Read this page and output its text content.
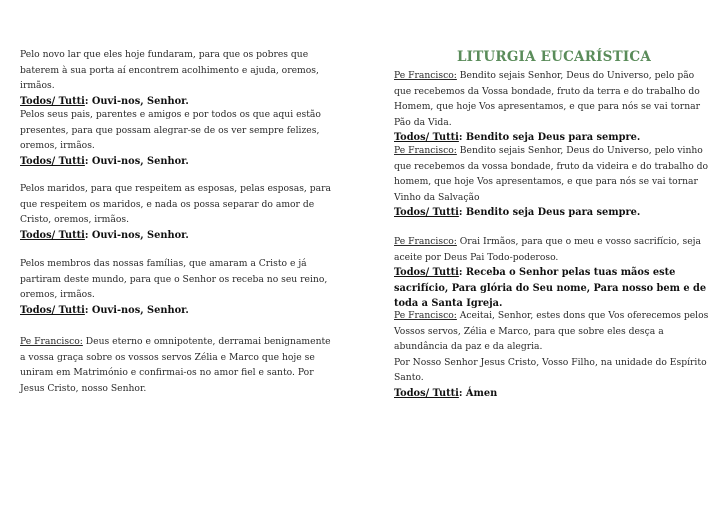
Pelo novo lar que eles hoje fundaram, para que os pobres que baterem à sua porta aí encontrem acolhimento e ajuda, oremos, irmãos.

Todos/ Tutti: Ouvi-nos, Senhor.

Pelos seus pais, parentes e amigos e por todos os que aqui estão presentes, para que possam alegrar-se de os ver sempre felizes, oremos, irmãos.

Todos/ Tutti: Ouvi-nos, Senhor.

Pelos maridos, para que respeitem as esposas, pelas esposas, para que respeitem os maridos, e nada os possa separar do amor de Cristo, oremos, irmãos.

Todos/ Tutti: Ouvi-nos, Senhor.

Pelos membros das nossas famílias, que amaram a Cristo e já partiram deste mundo, para que o Senhor os receba no seu reino, oremos, irmãos.

Todos/ Tutti: Ouvi-nos, Senhor.

Pe Francisco: Deus eterno e omnipotente, derramai benignamente a vossa graça sobre os vossos servos Zélia e Marco que hoje se uniram em Matrimónio e confirmai-os no amor fiel e santo. Por Jesus Cristo, nosso Senhor.

LITURGIA EUCARÍSTICA

Pe Francisco: Bendito sejais Senhor, Deus do Universo, pelo pão que recebemos da Vossa bondade, fruto da terra e do trabalho do Homem, que hoje Vos apresentamos, e que para nós se vai tornar Pão da Vida.

Todos/ Tutti: Bendito seja Deus para sempre.

Pe Francisco: Bendito sejais Senhor, Deus do Universo, pelo vinho que recebemos da vossa bondade, fruto da videira e do trabalho do homem, que hoje Vos apresentamos, e que para nós se vai tornar Vinho da Salvação

Todos/ Tutti: Bendito seja Deus para sempre.

Pe Francisco: Orai Irmãos, para que o meu e vosso sacrifício, seja aceite por Deus Pai Todo-poderoso.

Todos/ Tutti: Receba o Senhor pelas tuas mãos este sacrifício, Para glória do Seu nome, Para nosso bem e de toda a Santa Igreja.

Pe Francisco: Aceitai, Senhor, estes dons que Vos oferecemos pelos Vossos servos, Zélia e Marco, para que sobre eles desça a abundância da paz e da alegria.

Por Nosso Senhor Jesus Cristo, Vosso Filho, na unidade do Espírito Santo.

Todos/ Tutti: Ámen
